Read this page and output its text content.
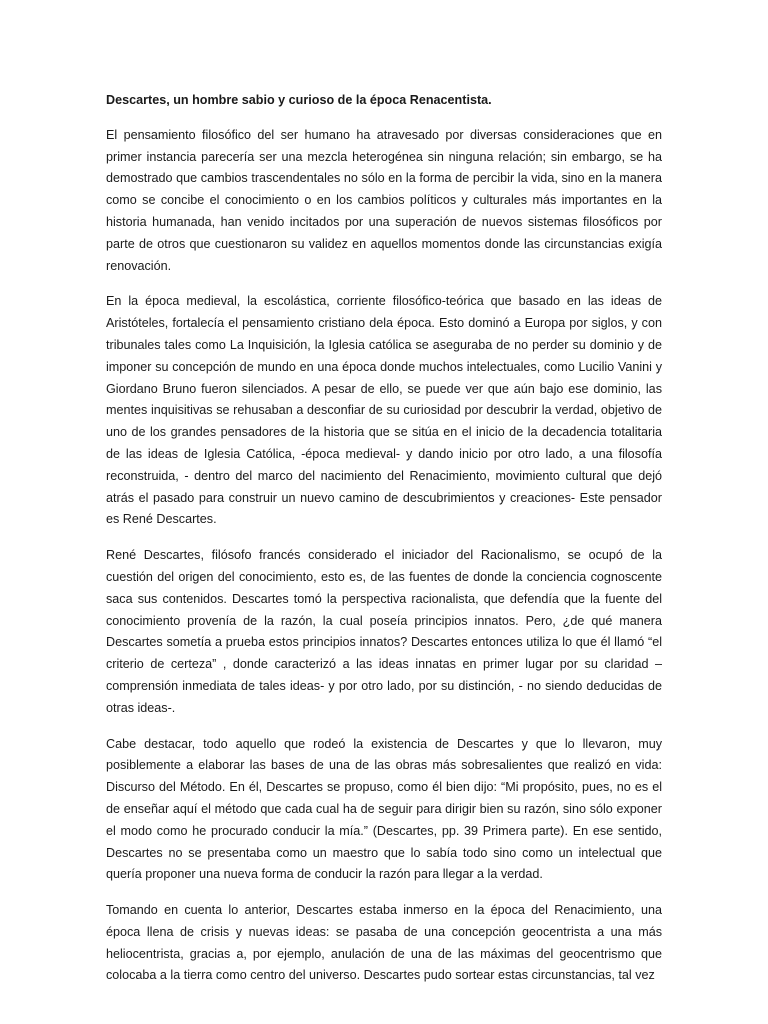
Descartes, un hombre sabio y curioso de la época Renacentista.

El pensamiento filosófico del ser humano ha atravesado por diversas consideraciones que en primer instancia parecería ser una mezcla heterogénea sin ninguna relación; sin embargo, se ha demostrado que cambios trascendentales no sólo en la forma de percibir la vida, sino en la manera como se concibe el conocimiento o en los cambios políticos y culturales más importantes en la historia humanada, han venido incitados por una superación de nuevos sistemas filosóficos por parte de otros que cuestionaron su validez en aquellos momentos donde las circunstancias exigía renovación.

En la época medieval, la escolástica, corriente filosófico-teórica que basado en las ideas de Aristóteles, fortalecía el pensamiento cristiano dela época. Esto dominó a Europa por siglos, y con tribunales tales como La Inquisición, la Iglesia católica se aseguraba de no perder su dominio y de imponer su concepción de mundo en una época donde muchos intelectuales, como Lucilio Vanini y Giordano Bruno fueron silenciados. A pesar de ello, se puede ver que aún bajo ese dominio, las mentes inquisitivas se rehusaban a desconfiar de su curiosidad por descubrir la verdad, objetivo de uno de los grandes pensadores de la historia que se sitúa en el inicio de la decadencia totalitaria de las ideas de Iglesia Católica, -época medieval- y dando inicio por otro lado, a una filosofía reconstruida, - dentro del marco del nacimiento del Renacimiento, movimiento cultural que dejó atrás el pasado para construir un nuevo camino de descubrimientos y creaciones- Este pensador es René Descartes.

René Descartes, filósofo francés considerado el iniciador del Racionalismo, se ocupó de la cuestión del origen del conocimiento, esto es, de las fuentes de donde la conciencia cognoscente saca sus contenidos. Descartes tomó la perspectiva racionalista, que defendía que la fuente del conocimiento provenía de la razón, la cual poseía principios innatos. Pero, ¿de qué manera Descartes sometía a prueba estos principios innatos? Descartes entonces utiliza lo que él llamó “el criterio de certeza” , donde caracterizó a las ideas innatas en primer lugar por su claridad – comprensión inmediata de tales ideas- y por otro lado, por su distinción, - no siendo deducidas de otras ideas-.

Cabe destacar, todo aquello que rodeó la existencia de Descartes y que lo llevaron, muy posiblemente a elaborar las bases de una de las obras más sobresalientes que realizó en vida: Discurso del Método. En él, Descartes se propuso, como él bien dijo: “Mi propósito, pues, no es el de enseñar aquí el método que cada cual ha de seguir para dirigir bien su razón, sino sólo exponer el modo como he procurado conducir la mía.” (Descartes, pp. 39 Primera parte). En ese sentido, Descartes no se presentaba como un maestro que lo sabía todo sino como un intelectual que quería proponer una nueva forma de conducir la razón para llegar a la verdad.

Tomando en cuenta lo anterior, Descartes estaba inmerso en la época del Renacimiento, una época llena de crisis y nuevas ideas: se pasaba de una concepción geocentrista a una más heliocentrista, gracias a, por ejemplo, anulación de una de las máximas del geocentrismo que colocaba a la tierra como centro del universo. Descartes pudo sortear estas circunstancias, tal vez
